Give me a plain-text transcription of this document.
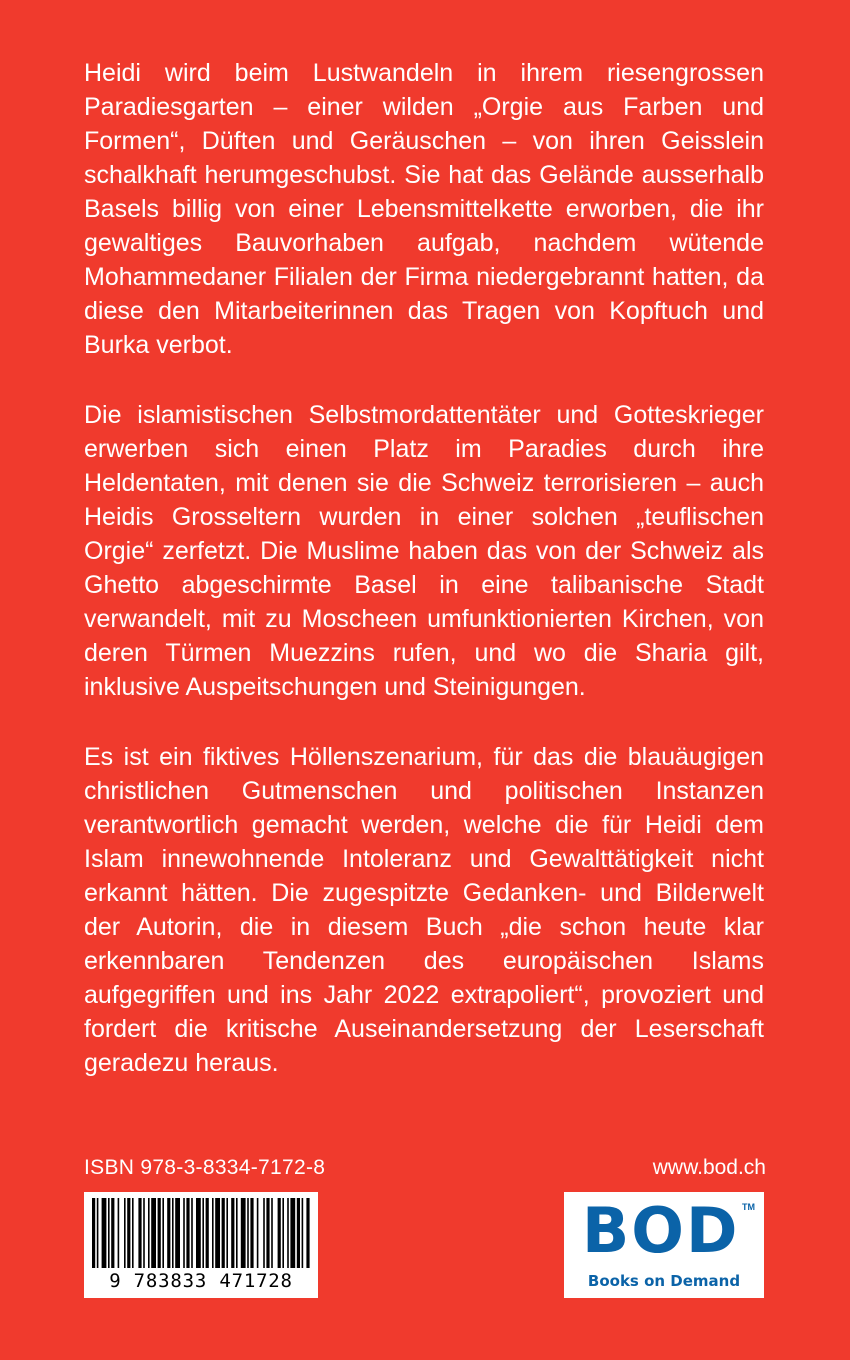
Heidi wird beim Lustwandeln in ihrem riesengrossen Paradiesgarten – einer wilden „Orgie aus Farben und Formen“, Düften und Geräuschen – von ihren Geisslein schalkhaft herumgeschubst. Sie hat das Gelände ausserhalb Basels billig von einer Lebensmittelkette erworben, die ihr gewaltiges Bauvorhaben aufgab, nachdem wütende Mohammedaner Filialen der Firma niedergebrannt hatten, da diese den Mitarbeiterinnen das Tragen von Kopftuch und Burka verbot.

Die islamistischen Selbstmordattentäter und Gotteskrieger erwerben sich einen Platz im Paradies durch ihre Heldentaten, mit denen sie die Schweiz terrorisieren – auch Heidis Grosseltern wurden in einer solchen „teuflischen Orgie“ zerfetzt. Die Muslime haben das von der Schweiz als Ghetto abgeschirmte Basel in eine talibanische Stadt verwandelt, mit zu Moscheen umfunktionierten Kirchen, von deren Türmen Muezzins rufen, und wo die Sharia gilt, inklusive Auspeitschungen und Steinigungen.

Es ist ein fiktives Höllenszenarium, für das die blauäugigen christlichen Gutmenschen und politischen Instanzen verantwortlich gemacht werden, welche die für Heidi dem Islam innewohnende Intoleranz und Gewalttätigkeit nicht erkannt hätten. Die zugespitzte Gedanken- und Bilderwelt der Autorin, die in diesem Buch „die schon heute klar erkennbaren Tendenzen des europäischen Islams aufgegriffen und ins Jahr 2022 extrapoliert“, provoziert und fordert die kritische Auseinandersetzung der Leserschaft geradezu heraus.

ISBN 978-3-8334-7172-8	www.bod.ch
9 783833 471728
BOD TM
Books on Demand
